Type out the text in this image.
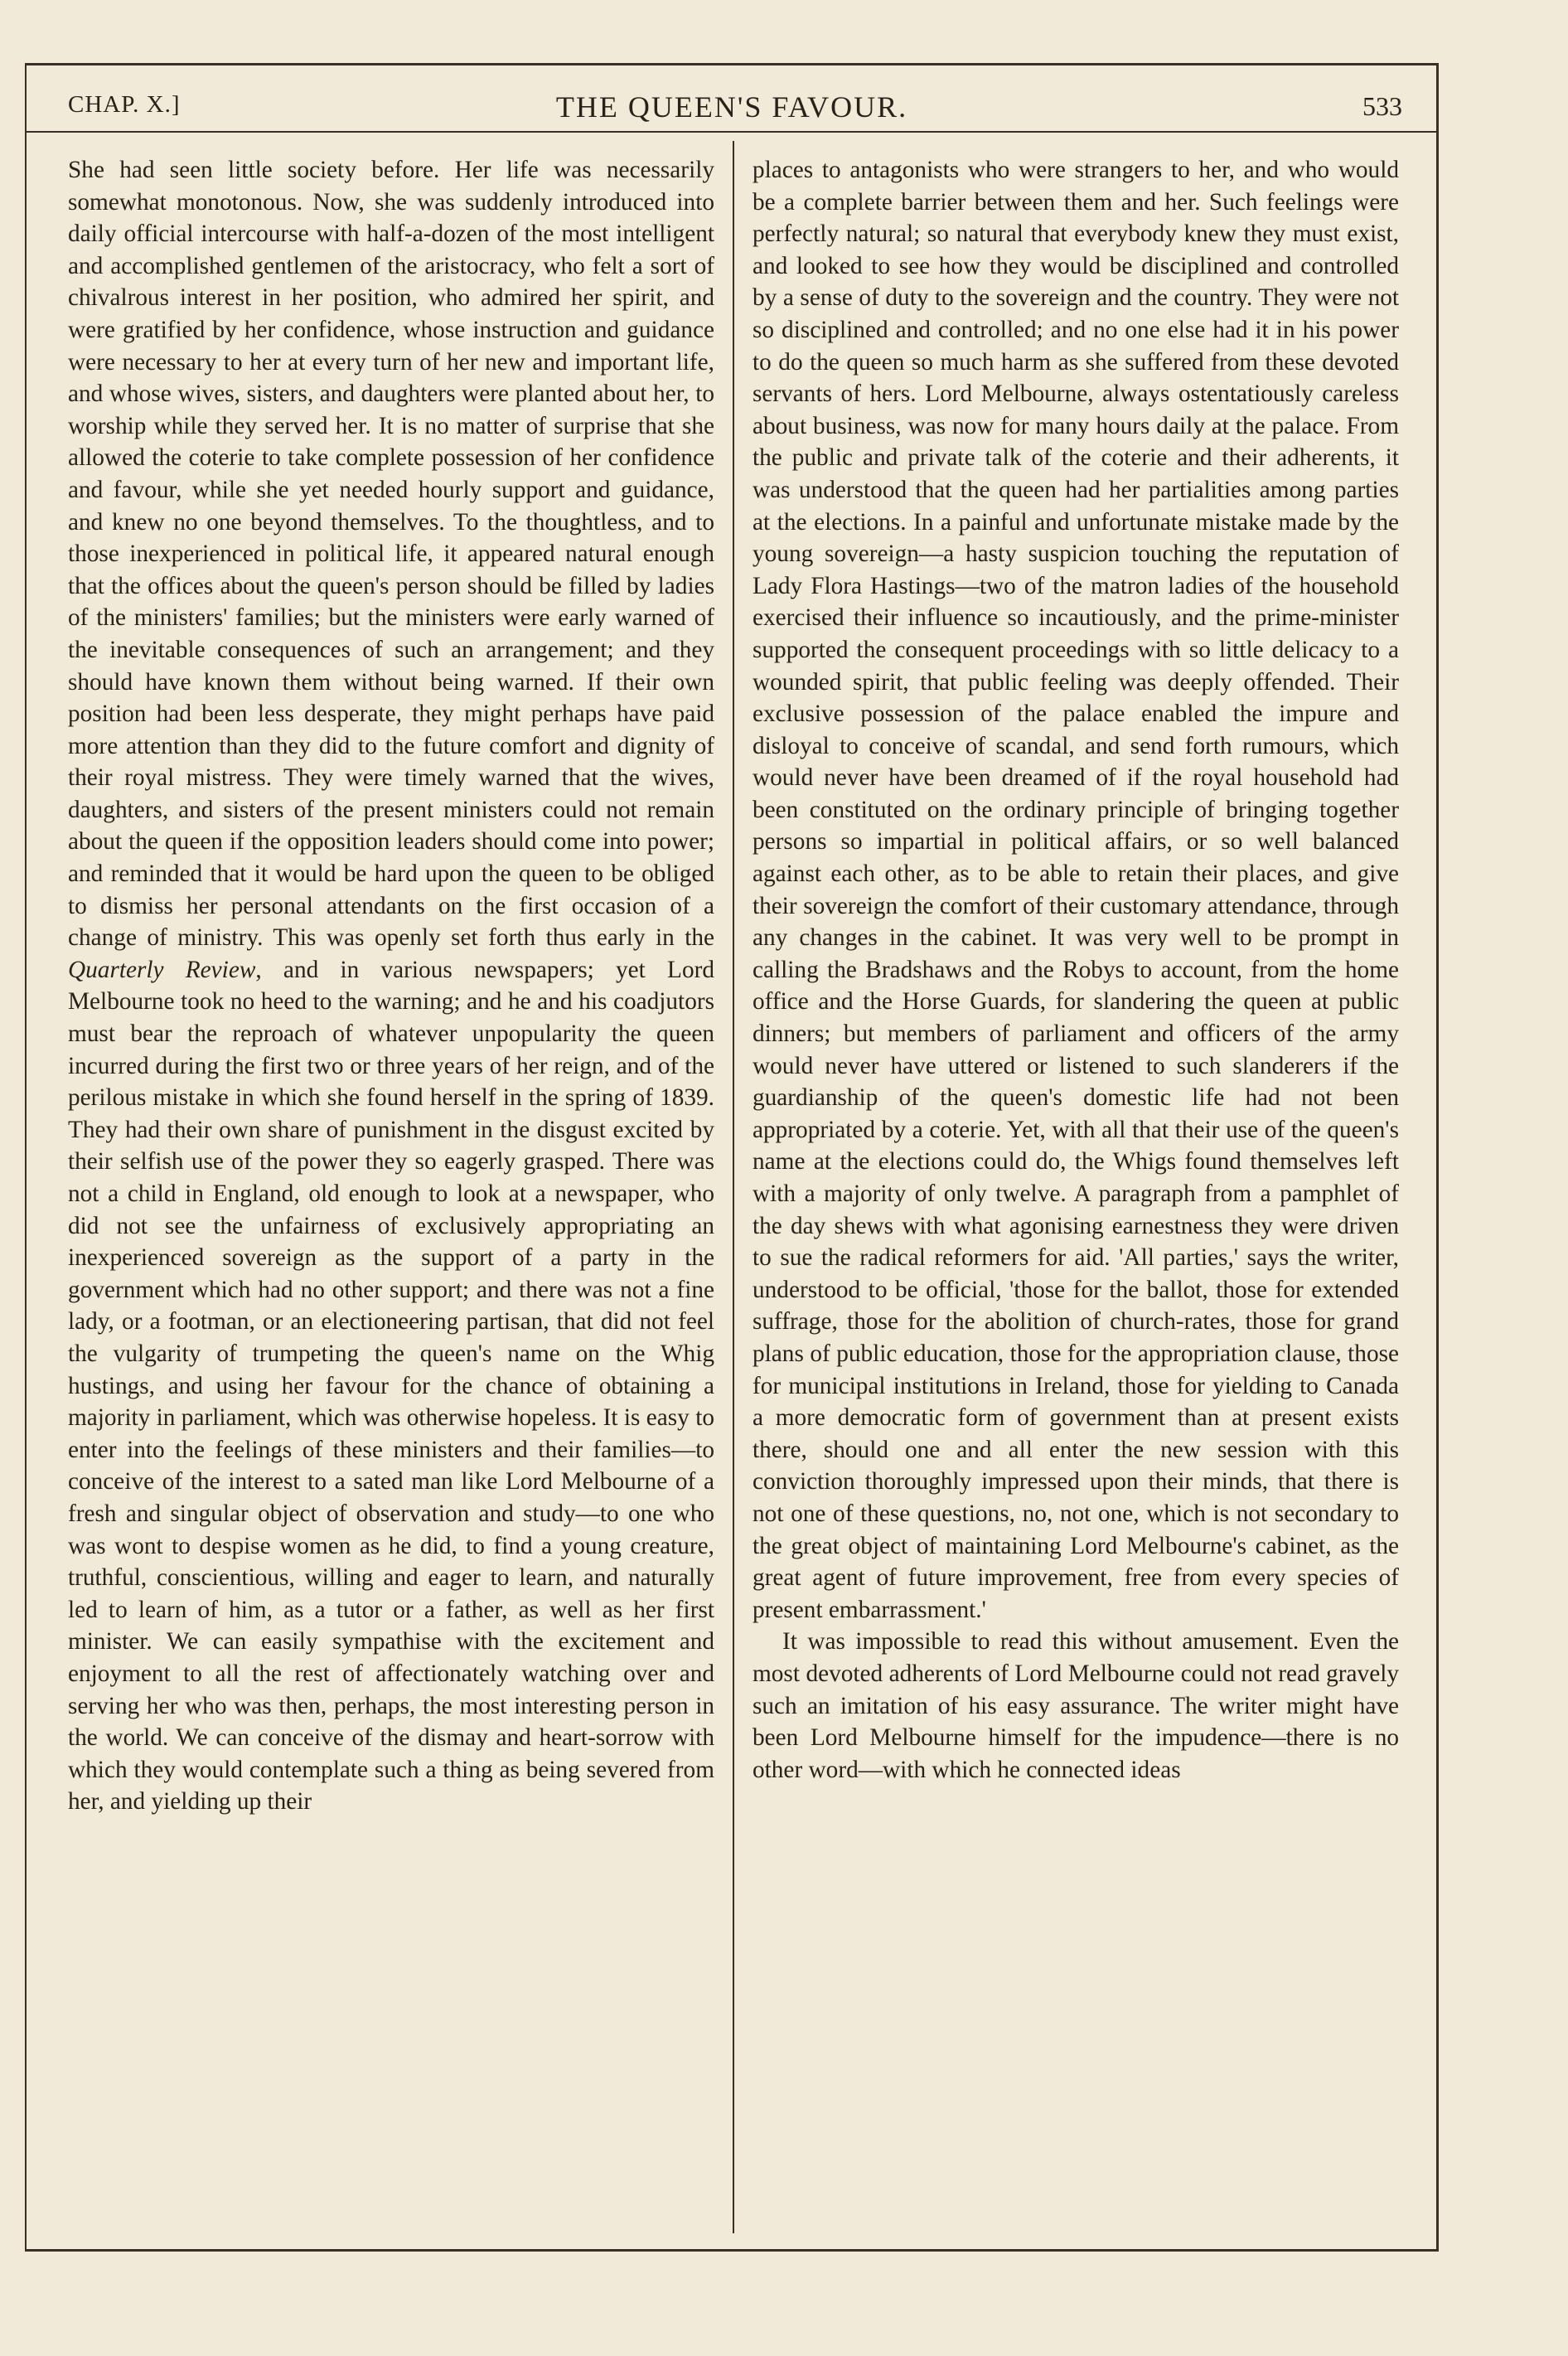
CHAP. X.]	THE QUEEN'S FAVOUR.	533

She had seen little society before. Her life was necessarily somewhat monotonous. Now, she was suddenly introduced into daily official intercourse with half-a-dozen of the most intelligent and accomplished gentlemen of the aristocracy, who felt a sort of chivalrous interest in her position, who admired her spirit, and were gratified by her confidence, whose instruction and guidance were necessary to her at every turn of her new and important life, and whose wives, sisters, and daughters were planted about her, to worship while they served her. It is no matter of surprise that she allowed the coterie to take complete possession of her confidence and favour, while she yet needed hourly support and guidance, and knew no one beyond themselves. To the thoughtless, and to those inexperienced in political life, it appeared natural enough that the offices about the queen's person should be filled by ladies of the ministers' families; but the ministers were early warned of the inevitable consequences of such an arrangement; and they should have known them without being warned. If their own position had been less desperate, they might perhaps have paid more attention than they did to the future comfort and dignity of their royal mistress. They were timely warned that the wives, daughters, and sisters of the present ministers could not remain about the queen if the opposition leaders should come into power; and reminded that it would be hard upon the queen to be obliged to dismiss her personal attendants on the first occasion of a change of ministry. This was openly set forth thus early in the Quarterly Review, and in various newspapers; yet Lord Melbourne took no heed to the warning; and he and his coadjutors must bear the reproach of whatever unpopularity the queen incurred during the first two or three years of her reign, and of the perilous mistake in which she found herself in the spring of 1839. They had their own share of punishment in the disgust excited by their selfish use of the power they so eagerly grasped. There was not a child in England, old enough to look at a newspaper, who did not see the unfairness of exclusively appropriating an inexperienced sovereign as the support of a party in the government which had no other support; and there was not a fine lady, or a footman, or an electioneering partisan, that did not feel the vulgarity of trumpeting the queen's name on the Whig hustings, and using her favour for the chance of obtaining a majority in parliament, which was otherwise hopeless. It is easy to enter into the feelings of these ministers and their families—to conceive of the interest to a sated man like Lord Melbourne of a fresh and singular object of observation and study—to one who was wont to despise women as he did, to find a young creature, truthful, conscientious, willing and eager to learn, and naturally led to learn of him, as a tutor or a father, as well as her first minister. We can easily sympathise with the excitement and enjoyment to all the rest of affectionately watching over and serving her who was then, perhaps, the most interesting person in the world. We can conceive of the dismay and heart-sorrow with which they would contemplate such a thing as being severed from her, and yielding up their

places to antagonists who were strangers to her, and who would be a complete barrier between them and her. Such feelings were perfectly natural; so natural that everybody knew they must exist, and looked to see how they would be disciplined and controlled by a sense of duty to the sovereign and the country. They were not so disciplined and controlled; and no one else had it in his power to do the queen so much harm as she suffered from these devoted servants of hers. Lord Melbourne, always ostentatiously careless about business, was now for many hours daily at the palace. From the public and private talk of the coterie and their adherents, it was understood that the queen had her partialities among parties at the elections. In a painful and unfortunate mistake made by the young sovereign—a hasty suspicion touching the reputation of Lady Flora Hastings—two of the matron ladies of the household exercised their influence so incautiously, and the prime-minister supported the consequent proceedings with so little delicacy to a wounded spirit, that public feeling was deeply offended. Their exclusive possession of the palace enabled the impure and disloyal to conceive of scandal, and send forth rumours, which would never have been dreamed of if the royal household had been constituted on the ordinary principle of bringing together persons so impartial in political affairs, or so well balanced against each other, as to be able to retain their places, and give their sovereign the comfort of their customary attendance, through any changes in the cabinet. It was very well to be prompt in calling the Bradshaws and the Robys to account, from the home office and the Horse Guards, for slandering the queen at public dinners; but members of parliament and officers of the army would never have uttered or listened to such slanderers if the guardianship of the queen's domestic life had not been appropriated by a coterie. Yet, with all that their use of the queen's name at the elections could do, the Whigs found themselves left with a majority of only twelve. A paragraph from a pamphlet of the day shews with what agonising earnestness they were driven to sue the radical reformers for aid. 'All parties,' says the writer, understood to be official, 'those for the ballot, those for extended suffrage, those for the abolition of church-rates, those for grand plans of public education, those for the appropriation clause, those for municipal institutions in Ireland, those for yielding to Canada a more democratic form of government than at present exists there, should one and all enter the new session with this conviction thoroughly impressed upon their minds, that there is not one of these questions, no, not one, which is not secondary to the great object of maintaining Lord Melbourne's cabinet, as the great agent of future improvement, free from every species of present embarrassment.'

It was impossible to read this without amusement. Even the most devoted adherents of Lord Melbourne could not read gravely such an imitation of his easy assurance. The writer might have been Lord Melbourne himself for the impudence—there is no other word—with which he connected ideas
